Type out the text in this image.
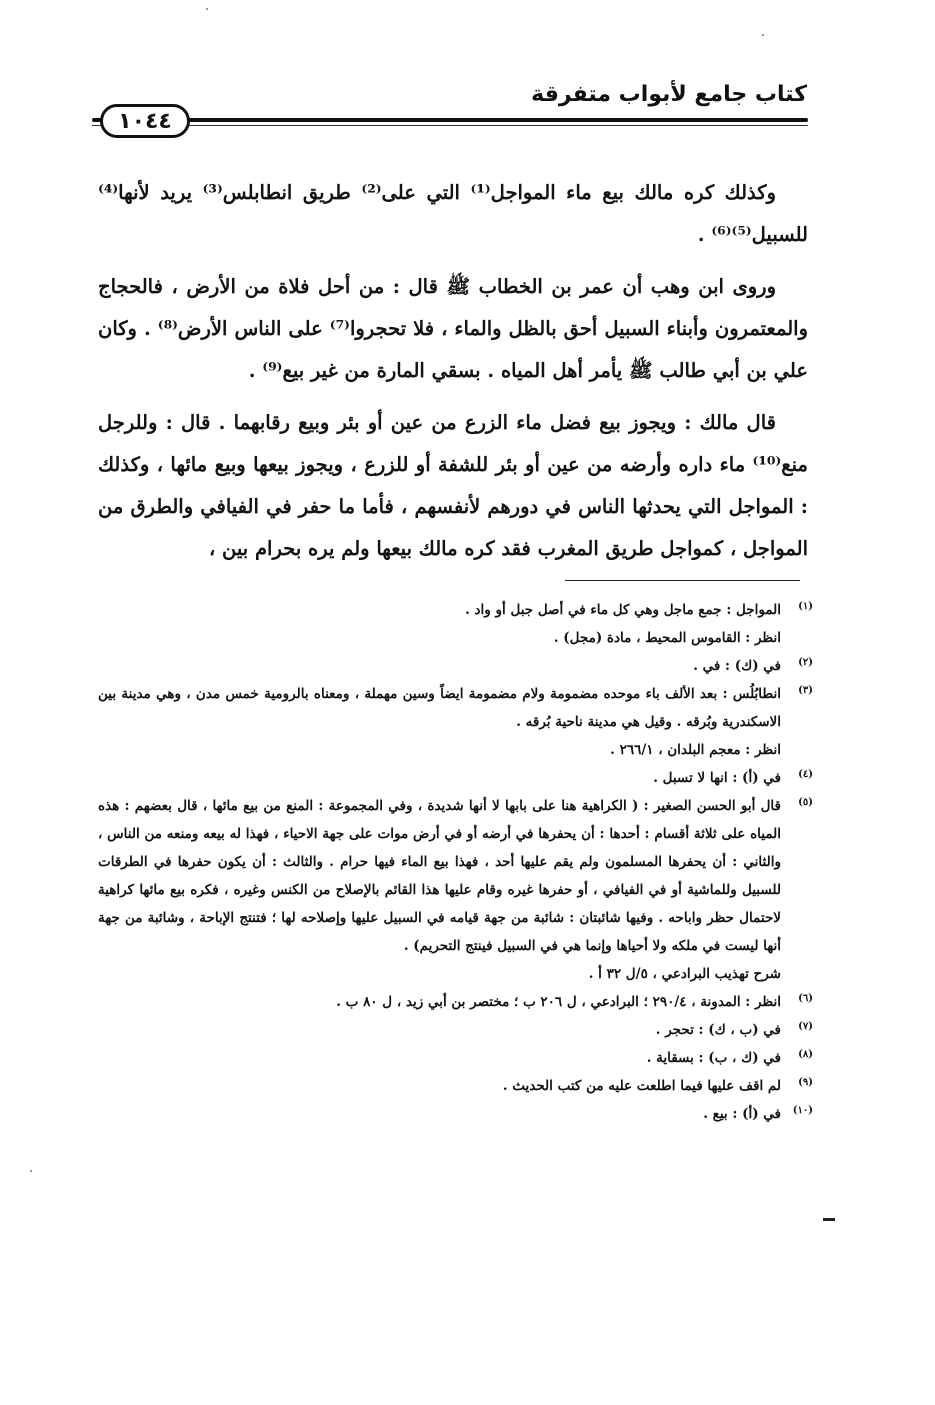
كتاب جامع لأبواب متفرقة
١٠٤٤

وكذلك كره مالك بيع ماء المواجل⁽¹⁾ التي على⁽²⁾ طريق انطابلس⁽³⁾ يريد لأنها⁽⁴⁾ للسبيل⁽⁵⁾⁽⁶⁾ .

وروى ابن وهب أن عمر بن الخطاب ﷺ قال : من أحل فلاة من الأرض ، فالحجاج والمعتمرون وأبناء السبيل أحق بالظل والماء ، فلا تحجروا⁽⁷⁾ على الناس الأرض⁽⁸⁾ . وكان علي بن أبي طالب ﷺ يأمر أهل المياه . بسقي المارة من غير بيع⁽⁹⁾ .

قال مالك : ويجوز بيع فضل ماء الزرع من عين أو بئر وبيع رقابهما . قال : وللرجل منع⁽¹⁰⁾ ماء داره وأرضه من عين أو بئر للشفة أو للزرع ، ويجوز بيعها وبيع مائها ، وكذلك : المواجل التي يحدثها الناس في دورهم لأنفسهم ، فأما ما حفر في الفيافي والطرق من المواجل ، كمواجل طريق المغرب فقد كره مالك بيعها ولم يره بحرام بين ،

(١)
المواجل : جمع ماجل وهي كل ماء في أصل جبل أو واد .
انظر : القاموس المحيط ، مادة (مجل) .
(٢)
في (ك) : في .
(٣)
انطابُلُس : بعد الألف باء موحده مضمومة ولام مضمومة ايضاً وسين مهملة ، ومعناه بالرومية خمس مدن ، وهي مدينة بين الاسكندرية وبُرقه . وقيل هي مدينة ناحية بُرقه .
انظر : معجم البلدان ، ٢٦٦/١ .
(٤)
في (أ) : انها لا تسبل .
(٥)
قال أبو الحسن الصغير : ( الكراهية هنا على بابها لا أنها شديدة ، وفي المجموعة : المنع من بيع مائها ، قال بعضهم : هذه المياه على ثلاثة أقسام : أحدها : أن يحفرها في أرضه أو في أرض موات على جهة الاحياء ، فهذا له بيعه ومنعه من الناس ، والثاني : أن يحفرها المسلمون ولم يقم عليها أحد ، فهذا بيع الماء فيها حرام . والثالث : أن يكون حفرها في الطرقات للسبيل وللماشية أو في الفيافي ، أو حفرها غيره وقام عليها هذا القائم بالإصلاح من الكنس وغيره ، فكره بيع مائها كراهية لاحتمال حظر واباحه . وفيها شائبتان : شائبة من جهة قيامه في السبيل عليها وإصلاحه لها ؛ فتنتج الإباحة ، وشائبة من جهة أنها ليست في ملكه ولا أحياها وإنما هي في السبيل فينتج التحريم) .
شرح تهذيب البرادعي ، ٥/ل ٣٢ أ .
(٦)
انظر : المدونة ، ٢٩٠/٤ ؛ البرادعي ، ل ٢٠٦ ب ؛ مختصر بن أبي زيد ، ل ٨٠ ب .
(٧)
في (ب ، ك) : تحجر .
(٨)
في (ك ، ب) : بسقاية .
(٩)
لم اقف عليها فيما اطلعت عليه من كتب الحديث .
(١٠)
في (أ) : بيع .
